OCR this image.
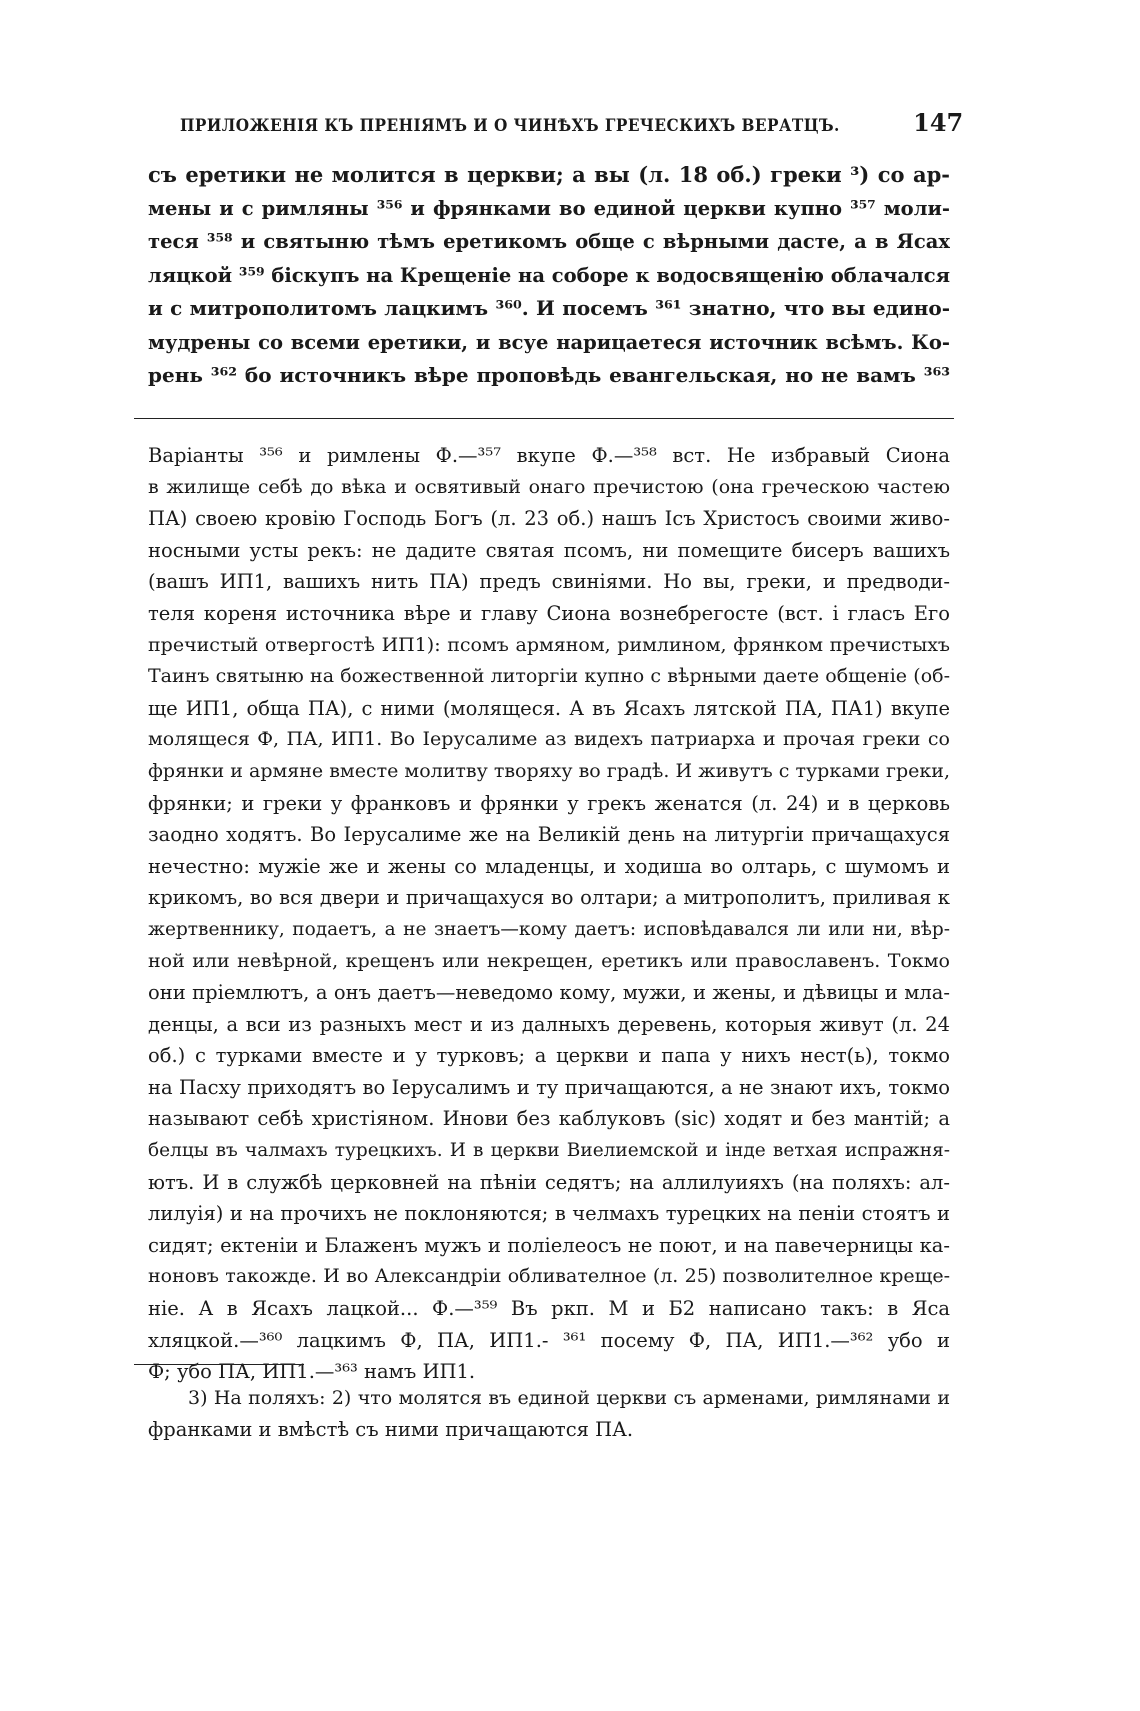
ПРИЛОЖЕНІЯ КЪ ПРЕНІЯМЪ И О ЧИНѢХЪ ГРЕЧЕСКИХЪ ВЕРАТЦЪ.	147
съ еретики не молится в церкви; а вы (л. 18 об.) греки ³) со ар-
мены и с римляны ³⁵⁶ и фрянками во единой церкви купно ³⁵⁷ моли-
теся ³⁵⁸ и святыню тѣмъ еретикомъ обще с вѣрными дасте, а в Ясах
ляцкой ³⁵⁹ біскупъ на Крещеніе на соборе к водосвященію облачался
и с митрополитомъ лацкимъ ³⁶⁰. И посемъ ³⁶¹ знатно, что вы едино-
мудрены со всеми еретики, и всуе нарицаетеся источник всѣмъ. Ко-
рень ³⁶² бо источникъ вѣре проповѣдь евангельская, но не вамъ ³⁶³
Варіанты ³⁵⁶ и римлены Ф.—³⁵⁷ вкупе Ф.—³⁵⁸ вст. Не избравый Сиона
в жилище себѣ до вѣка и освятивый онаго пречистою (она греческою частею
ПА) своею кровію Господь Богъ (л. 23 об.) нашъ Ісъ Христосъ своими живо-
носными усты рекъ: не дадите святая псомъ, ни помещите бисеръ вашихъ
(вашъ ИП1, вашихъ нить ПА) предъ свиніями. Но вы, греки, и предводи-
теля кореня источника вѣре и главу Сиона вознебрегосте (вст. і гласъ Его
пречистый отвергостѣ ИП1): псомъ армяном, римлином, фрянком пречистыхъ
Таинъ святыню на божественной литоргіи купно с вѣрными даете общеніе (об-
ще ИП1, обща ПА), с ними (молящеся. А въ Ясахъ лятской ПА, ПА1) вкупе
молящеся Ф, ПА, ИП1. Во Іерусалиме аз видехъ патриарха и прочая греки со
фрянки и армяне вместе молитву творяху во градѣ. И живутъ с турками греки,
фрянки; и греки у франковъ и фрянки у грекъ женатся (л. 24) и в церковь
заодно ходятъ. Во Іерусалиме же на Великій день на литургіи причащахуся
нечестно: мужіе же и жены со младенцы, и ходиша во олтарь, с шумомъ и
крикомъ, во вся двери и причащахуся во олтари; а митрополитъ, приливая к
жертвеннику, подаетъ, а не знаетъ—кому даетъ: исповѣдавался ли или ни, вѣр-
ной или невѣрной, крещенъ или некрещен, еретикъ или православенъ. Токмо
они пріемлютъ, а онъ даетъ—неведомо кому, мужи, и жены, и дѣвицы и мла-
денцы, а вси из разныхъ мест и из далныхъ деревень, которыя живут (л. 24
об.) с турками вместе и у турковъ; а церкви и папа у нихъ нест(ь), токмо
на Пасху приходятъ во Іерусалимъ и ту причащаются, а не знают ихъ, токмо
называют себѣ христіяном. Инови без каблуковъ (sic) ходят и без мантій; а
белцы въ чалмахъ турецкихъ. И в церкви Виелиемской и інде ветхая испражня-
ютъ. И в службѣ церковней на пѣніи седятъ; на аллилуияхъ (на поляхъ: ал-
лилуія) и на прочихъ не поклоняются; в челмахъ турецких на пеніи стоятъ и
сидят; ектеніи и Блаженъ мужъ и поліелеосъ не поют, и на павечерницы ка-
ноновъ такожде. И во Александріи обливателное (л. 25) позволителное крещe-
ніе. А в Ясахъ лацкой... Ф.—³⁵⁹ Въ ркп. М и Б2 написано такъ: в Яса
хляцкой.—³⁶⁰ лацкимъ Ф, ПА, ИП1.- ³⁶¹ посему Ф, ПА, ИП1.—³⁶² убо и
Ф; убо ПА, ИП1.—³⁶³ намъ ИП1.
3) На поляхъ: 2) что молятся въ единой церкви съ арменами, римлянами и
франками и вмѣстѣ съ ними причащаются ПА.
